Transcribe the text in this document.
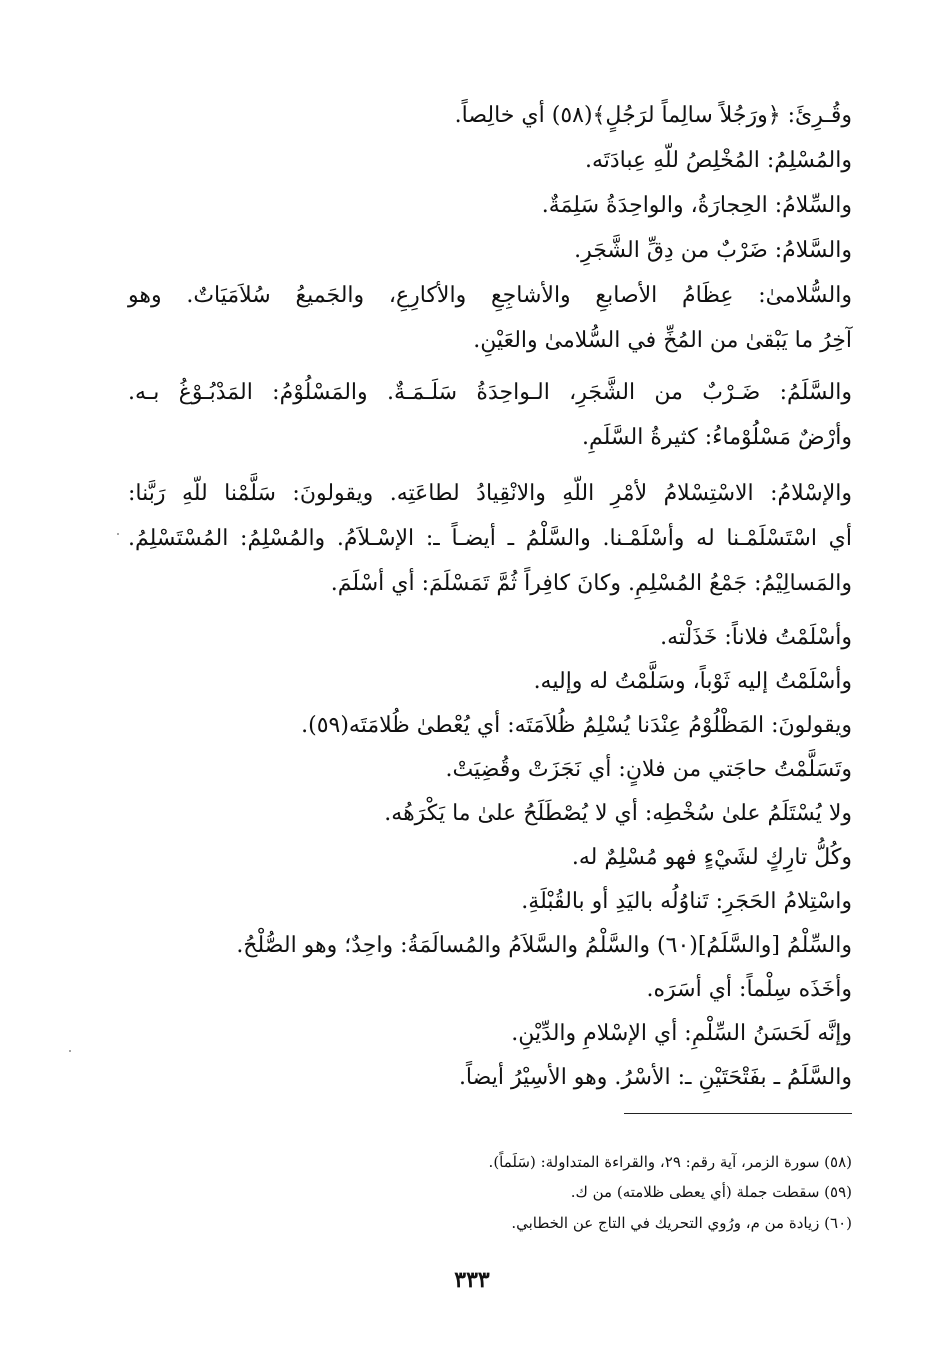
وقُـرِئَ: ﴿ورَجُلاً سالِماً لرَجُلٍ﴾(٥٨) أي خالِصاً.
والمُسْلِمُ: المُخْلِصُ للّهِ عِبادَتَه.
والسِّلامُ: الحِجارَةُ، والواحِدَةُ سَلِمَةٌ.
والسَّلامُ: ضَرْبٌ من دِقِّ الشَّجَرِ.
والسُّلامىٰ: عِظَامُ الأصابعِ والأشاجِعِ والأكارِعِ، والجَميعُ سُلاَمَيَاتٌ. وهو
آخِرُ ما يَبْقىٰ من المُخِّ في السُّلامىٰ والعَيْنِ.
والسَّلَمُ: ضَـرْبٌ من الشَّجَرِ، الـواحِدَةُ سَلَـمَـةٌ. والمَسْلُوْمُ: المَدْبُـوْغُ بـه.
وأرْضٌ مَسْلُوْماءُ: كثيرةُ السَّلَمِ.
والإسْلامُ: الاسْتِسْلامُ لأمْرِ اللّهِ والانْقِيادُ لطاعَتِه. ويقولونَ: سَلَّمْنا للّهِ رَبَّنا:
أي اسْتَسْلَمْـنا له وأسْلَمْـنا. والسَّلْمُ ـ أيضـاً ـ: الإسْـلاَمُ. والمُسْلِمُ: المُسْتَسْلِمُ.
والمَسالِيْمُ: جَمْعُ المُسْلِمِ. وكانَ كافِراً ثُمَّ تَمَسْلَمَ: أي أسْلَمَ.
وأسْلَمْتُ فلاناً: خَذَلْته.
وأسْلَمْتُ إليه ثَوْباً، وسَلَّمْتُ له وإليه.
ويقولونَ: المَظْلُوْمُ عِنْدَنا يُسْلِمُ ظُلاَمَتَه: أي يُعْطىٰ ظُلامَتَه(٥٩).
وتَسَلَّمْتُ حاجَتي من فلانٍ: أي نَجَزَتْ وقُضِيَتْ.
ولا يُسْتَلَمُ علىٰ سُخْطِه: أي لا يُصْطَلَحُ علىٰ ما يَكْرَهُه.
وكُلُّ تارِكٍ لشَيْءٍ فهو مُسْلِمٌ له.
واسْتِلامُ الحَجَرِ: تَناوُلُه باليَدِ أو بالقُبْلَةِ.
والسِّلْمُ [والسَّلَمُ](٦٠) والسَّلْمُ والسَّلاَمُ والمُسالَمَةُ: واحِدٌ؛ وهو الصُّلْحُ.
وأخَذَه سِلْماً: أي أسَرَه.
وإنَّه لَحَسَنُ السِّلْمِ: أي الإسْلامِ والدِّيْنِ.
والسَّلَمُ ـ بفَتْحَتَيْنِ ـ: الأسْرُ. وهو الأسِيْرُ أيضاً.
(٥٨) سورة الزمر، آية رقم: ٢٩، والقراءة المتداولة: (سَلَماً).
(٥٩) سقطت جملة (أي يعطى ظلامته) من ك.
(٦٠) زيادة من م، ورُوي التحريك في التاج عن الخطابي.
٣٣٣
